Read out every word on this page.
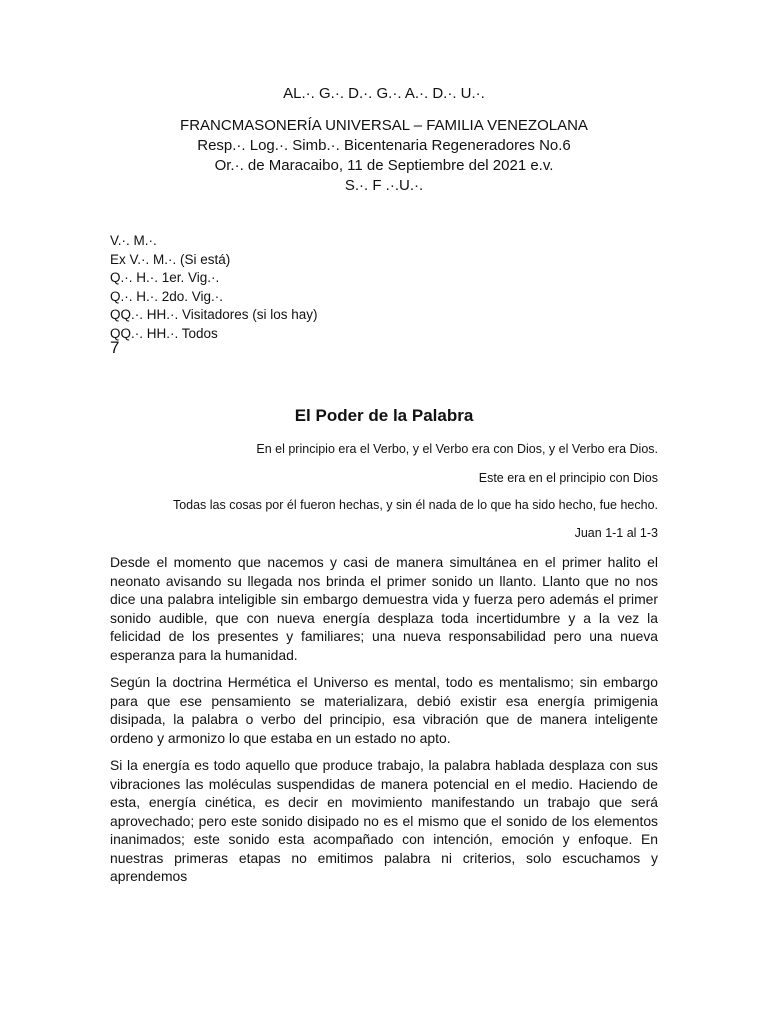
AL.·. G.·. D.·. G.·. A.·. D.·. U.·.
FRANCMASONERÍA UNIVERSAL – FAMILIA VENEZOLANA
Resp.·. Log.·. Simb.·. Bicentenaria Regeneradores No.6
Or.·. de Maracaibo, 11 de Septiembre del 2021 e.v.
S.·. F .·.U.·.
V.·. M.·.
Ex V.·. M.·. (Si está)
Q.·. H.·. 1er. Vig.·.
Q.·. H.·. 2do. Vig.·.
QQ.·. HH.·. Visitadores (si los hay)
QQ.·. HH.·. Todos
7
El Poder de la Palabra
En el principio era el Verbo, y el Verbo era con Dios, y el Verbo era Dios.
Este era en el principio con Dios
Todas las cosas por él fueron hechas, y sin él nada de lo que ha sido hecho, fue hecho.
Juan 1-1 al 1-3

Desde el momento que nacemos y casi de manera simultánea en el primer halito el neonato avisando su llegada nos brinda el primer sonido un llanto. Llanto que no nos dice una palabra inteligible sin embargo demuestra vida y fuerza pero además el primer sonido audible, que con nueva energía desplaza toda incertidumbre y a la vez la felicidad de los presentes y familiares; una nueva responsabilidad pero una nueva esperanza para la humanidad.

Según la doctrina Hermética el Universo es mental, todo es mentalismo; sin embargo para que ese pensamiento se materializara, debió existir esa energía primigenia disipada, la palabra o verbo del principio, esa vibración que de manera inteligente ordeno y armonizo lo que estaba en un estado no apto.

Si la energía es todo aquello que produce trabajo, la palabra hablada desplaza con sus vibraciones las moléculas suspendidas de manera potencial en el medio. Haciendo de esta, energía cinética, es decir en movimiento manifestando un trabajo que será aprovechado; pero este sonido disipado no es el mismo que el sonido de los elementos inanimados; este sonido esta acompañado con intención, emoción y enfoque. En nuestras primeras etapas no emitimos palabra ni criterios, solo escuchamos y aprendemos
